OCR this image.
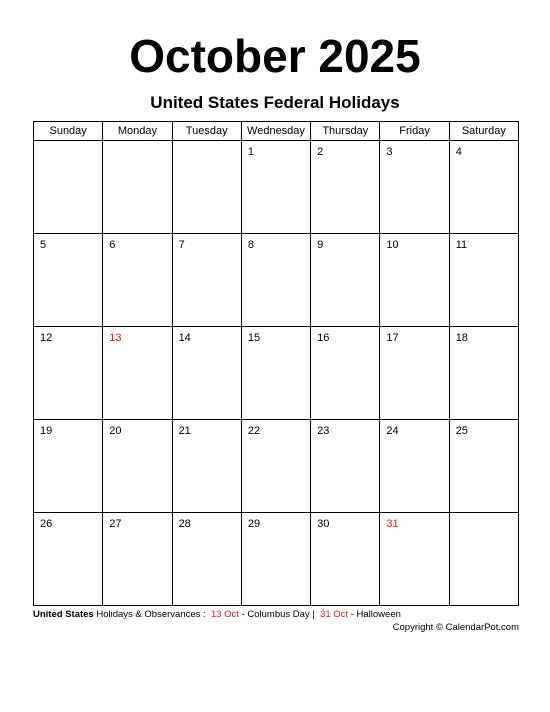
October 2025
United States Federal Holidays
Sunday	Monday	Tuesday	Wednesday	Thursday	Friday	Saturday
			1	2	3	4
5	6	7	8	9	10	11
12	13	14	15	16	17	18
19	20	21	22	23	24	25
26	27	28	29	30	31	
United States Holidays & Observances : 13 Oct - Columbus Day | 31 Oct - Halloween
Copyright © CalendarPot.com
